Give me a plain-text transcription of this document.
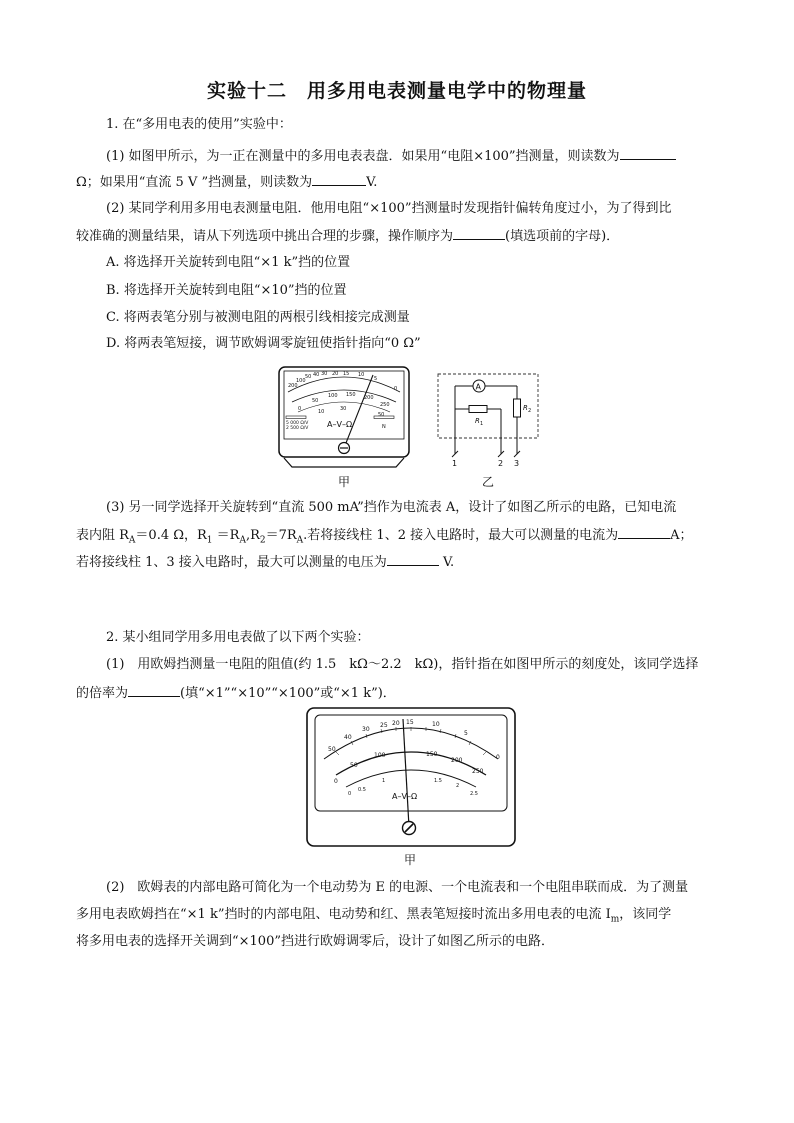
实验十二　用多用电表测量电学中的物理量
1. 在“多用电表的使用”实验中：
(1) 如图甲所示，为一正在测量中的多用电表表盘．如果用“电阻×100”挡测量，则读数为
Ω；如果用“直流 5 V ”挡测量，则读数为	V.
(2) 某同学利用多用电表测量电阻．他用电阻“×100”挡测量时发现指针偏转角度过小，为了得到比
较准确的测量结果，请从下列选项中挑出合理的步骤，操作顺序为	(填选项前的字母)．
A. 将选择开关旋转到电阻“×1 k”挡的位置
B. 将选择开关旋转到电阻“×10”挡的位置
C. 将两表笔分别与被测电阻的两根引线相接完成测量
D. 将两表笔短接，调节欧姆调零旋钮使指针指向“0 Ω”
200
100
50 40 30 20 15 10
5
0
0
50
100 150 200
250
10	30
50
5 000 Ω/V
2 500 Ω/V	N
A–V–Ω
甲
A
R 1
R 2
1	2 3
乙
(3) 另一同学选择开关旋转到“直流 500 mA”挡作为电流表 A，设计了如图乙所示的电路，已知电流
表内阻 $R_A=0.4$ Ω，$R_1 =R_A,R_2=7R_A$.若将接线柱 1、2 接入电路时，最大可以测量的电流为	A；
若将接线柱 1、3 接入电路时，最大可以测量的电压为	V.
2. 某小组同学用多用电表做了以下两个实验：
(1)　用欧姆挡测量一电阻的阻值(约 1.5　kΩ～2.2　kΩ)，指针指在如图甲所示的刻度处，该同学选择
的倍率为	(填“×1”“×10”“×100”或“×1 k”)．
50
40
30
25 20 15	10
5
0
0
50
100	150
200
250
0
0.5
1	1.5
2
2.5
A–V–Ω
甲
(2)　欧姆表的内部电路可简化为一个电动势为 E 的电源、一个电流表和一个电阻串联而成．为了测量
多用电表欧姆挡在“×1 k”挡时的内部电阻、电动势和红、黑表笔短接时流出多用电表的电流 $I_m$，该同学
将多用电表的选择开关调到“×100”挡进行欧姆调零后，设计了如图乙所示的电路．
